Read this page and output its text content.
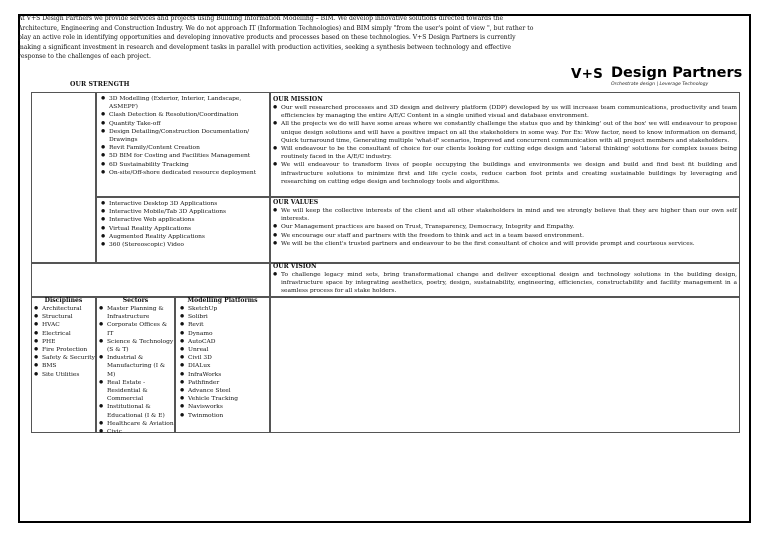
At V+S Design Partners we provide services and projects using Building Information Modelling – BIM. We develop innovative solutions directed towards the Architecture, Engineering and Construction Industry. We do not approach IT (Information Technologies) and BIM simply "from the user's point of view ", but rather to play an active role in identifying opportunities and developing innovative products and processes based on these technologies. V+S Design Partners is currently making a significant investment in research and development tasks in parallel with production activities, seeking a synthesis between technology and effective response to the challenges of each project.

OUR STRENGTH
V+S Design Partners
Orchestrate design | Leverage Technology
● 3D Modelling (Exterior, Interior, Landscape, ASMEPF)
● Clash Detection & Resolution/Coordination
● Quantity Take-off
● Design Detailing/Construction Documentation/ Drawings
● Revit Family/Content Creation
● 5D BIM for Costing and Facilities Management
● 6D Sustainability Tracking
● On-site/Off-shore dedicated resource deployment
● Interactive Desktop 3D Applications
● Interactive Mobile/Tab 3D Applications
● Interactive Web applications
● Virtual Reality Applications
● Augmented Reality Applications
● 360 (Stereoscopic) Video
OUR MISSION
● Our well researched processes and 3D design and delivery platform (DDP) developed by us will increase team communications, productivity and team efficiencies by managing the entire A/E/C Content in a single unified visual and database environment.
● All the projects we do will have some areas where we constantly challenge the status quo and by thinking' out of the box' we will endeavour to propose unique design solutions and will have a positive impact on all the stakeholders in some way. For Ex: Wow factor, need to know information on demand, Quick turnaround time, Generating multiple 'what-if' scenarios, Improved and concurrent communication with all project members and stakeholders.
● Will endeavour to be the consultant of choice for our clients looking for cutting edge design and 'lateral thinking' solutions for complex issues being routinely faced in the A/E/C industry.
● We will endeavour to transform lives of people occupying the buildings and environments we design and build and find best fit building and infrastructure solutions to minimize first and life cycle costs, reduce carbon foot prints and creating sustainable buildings by leveraging and researching on cutting edge design and technology tools and algorithms.
OUR VALUES
● We will keep the collective interests of the client and all other stakeholders in mind and we strongly believe that they are higher than our own self interests.
● Our Management practices are based on Trust, Transparency, Democracy, Integrity and Empathy.
● We encourage our staff and partners with the freedom to think and act in a team based environment.
● We will be the client's trusted partners and endeavour to be the first consultant of choice and will provide prompt and courteous services.
OUR VISION
● To challenge legacy mind sets, bring transformational change and deliver exceptional design and technology solutions in the building design, infrastructure space by integrating aesthetics, poetry, design, sustainability, engineering, efficiencies, constructability and facility management in a seamless process for all stake holders.
Disciplines
● Architectural
● Structural
● HVAC
● Electrical
● PHE
● Fire Protection
● Safety & Security
● BMS
● Site Utilities
Sectors
● Master Planning & Infrastructure
● Corporate Offices & IT
● Science & Technology (S & T)
● Industrial & Manufacturing (I & M)
● Real Estate - Residential & Commercial
● Institutional & Educational (I & E)
● Healthcare & Aviation
● Civic
Modelling Platforms
● SketchUp
● Solibri
● Revit
● Dynamo
● AutoCAD
● Unreal
● Civil 3D
● DIALux
● InfraWorks
● Pathfinder
● Advance Steel
● Vehicle Tracking
● Navisworks
● Twinmotion
